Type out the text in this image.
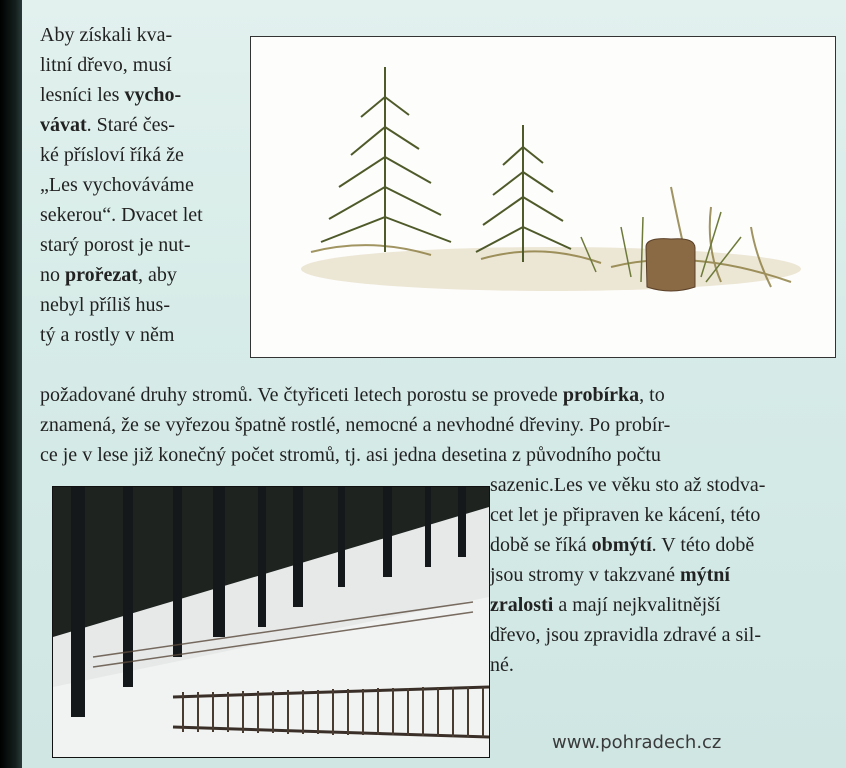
Aby získali kva-
litní dřevo, musí
lesníci les vycho-
vávat. Staré čes-
ké přísloví říká že
„Les vychováváme
sekerou“. Dvacet let
starý porost je nut-
no prořezat, aby
nebyl příliš hus-
tý a rostly v něm
požadované druhy stromů. Ve čtyřiceti letech porostu se provede probírka, to
znamená, že se vyřezou špatně rostlé, nemocné a nevhodné dřeviny. Po probír-
ce je v lese již konečný počet stromů, tj. asi jedna desetina z původního počtu
sazenic.Les ve věku sto až stodva-
cet let je připraven ke kácení, této
době se říká obmýtí. V této době
jsou stromy v takzvané mýtní
zralosti a mají nejkvalitnější
dřevo, jsou zpravidla zdravé a sil-
né.
www.pohradech.cz
